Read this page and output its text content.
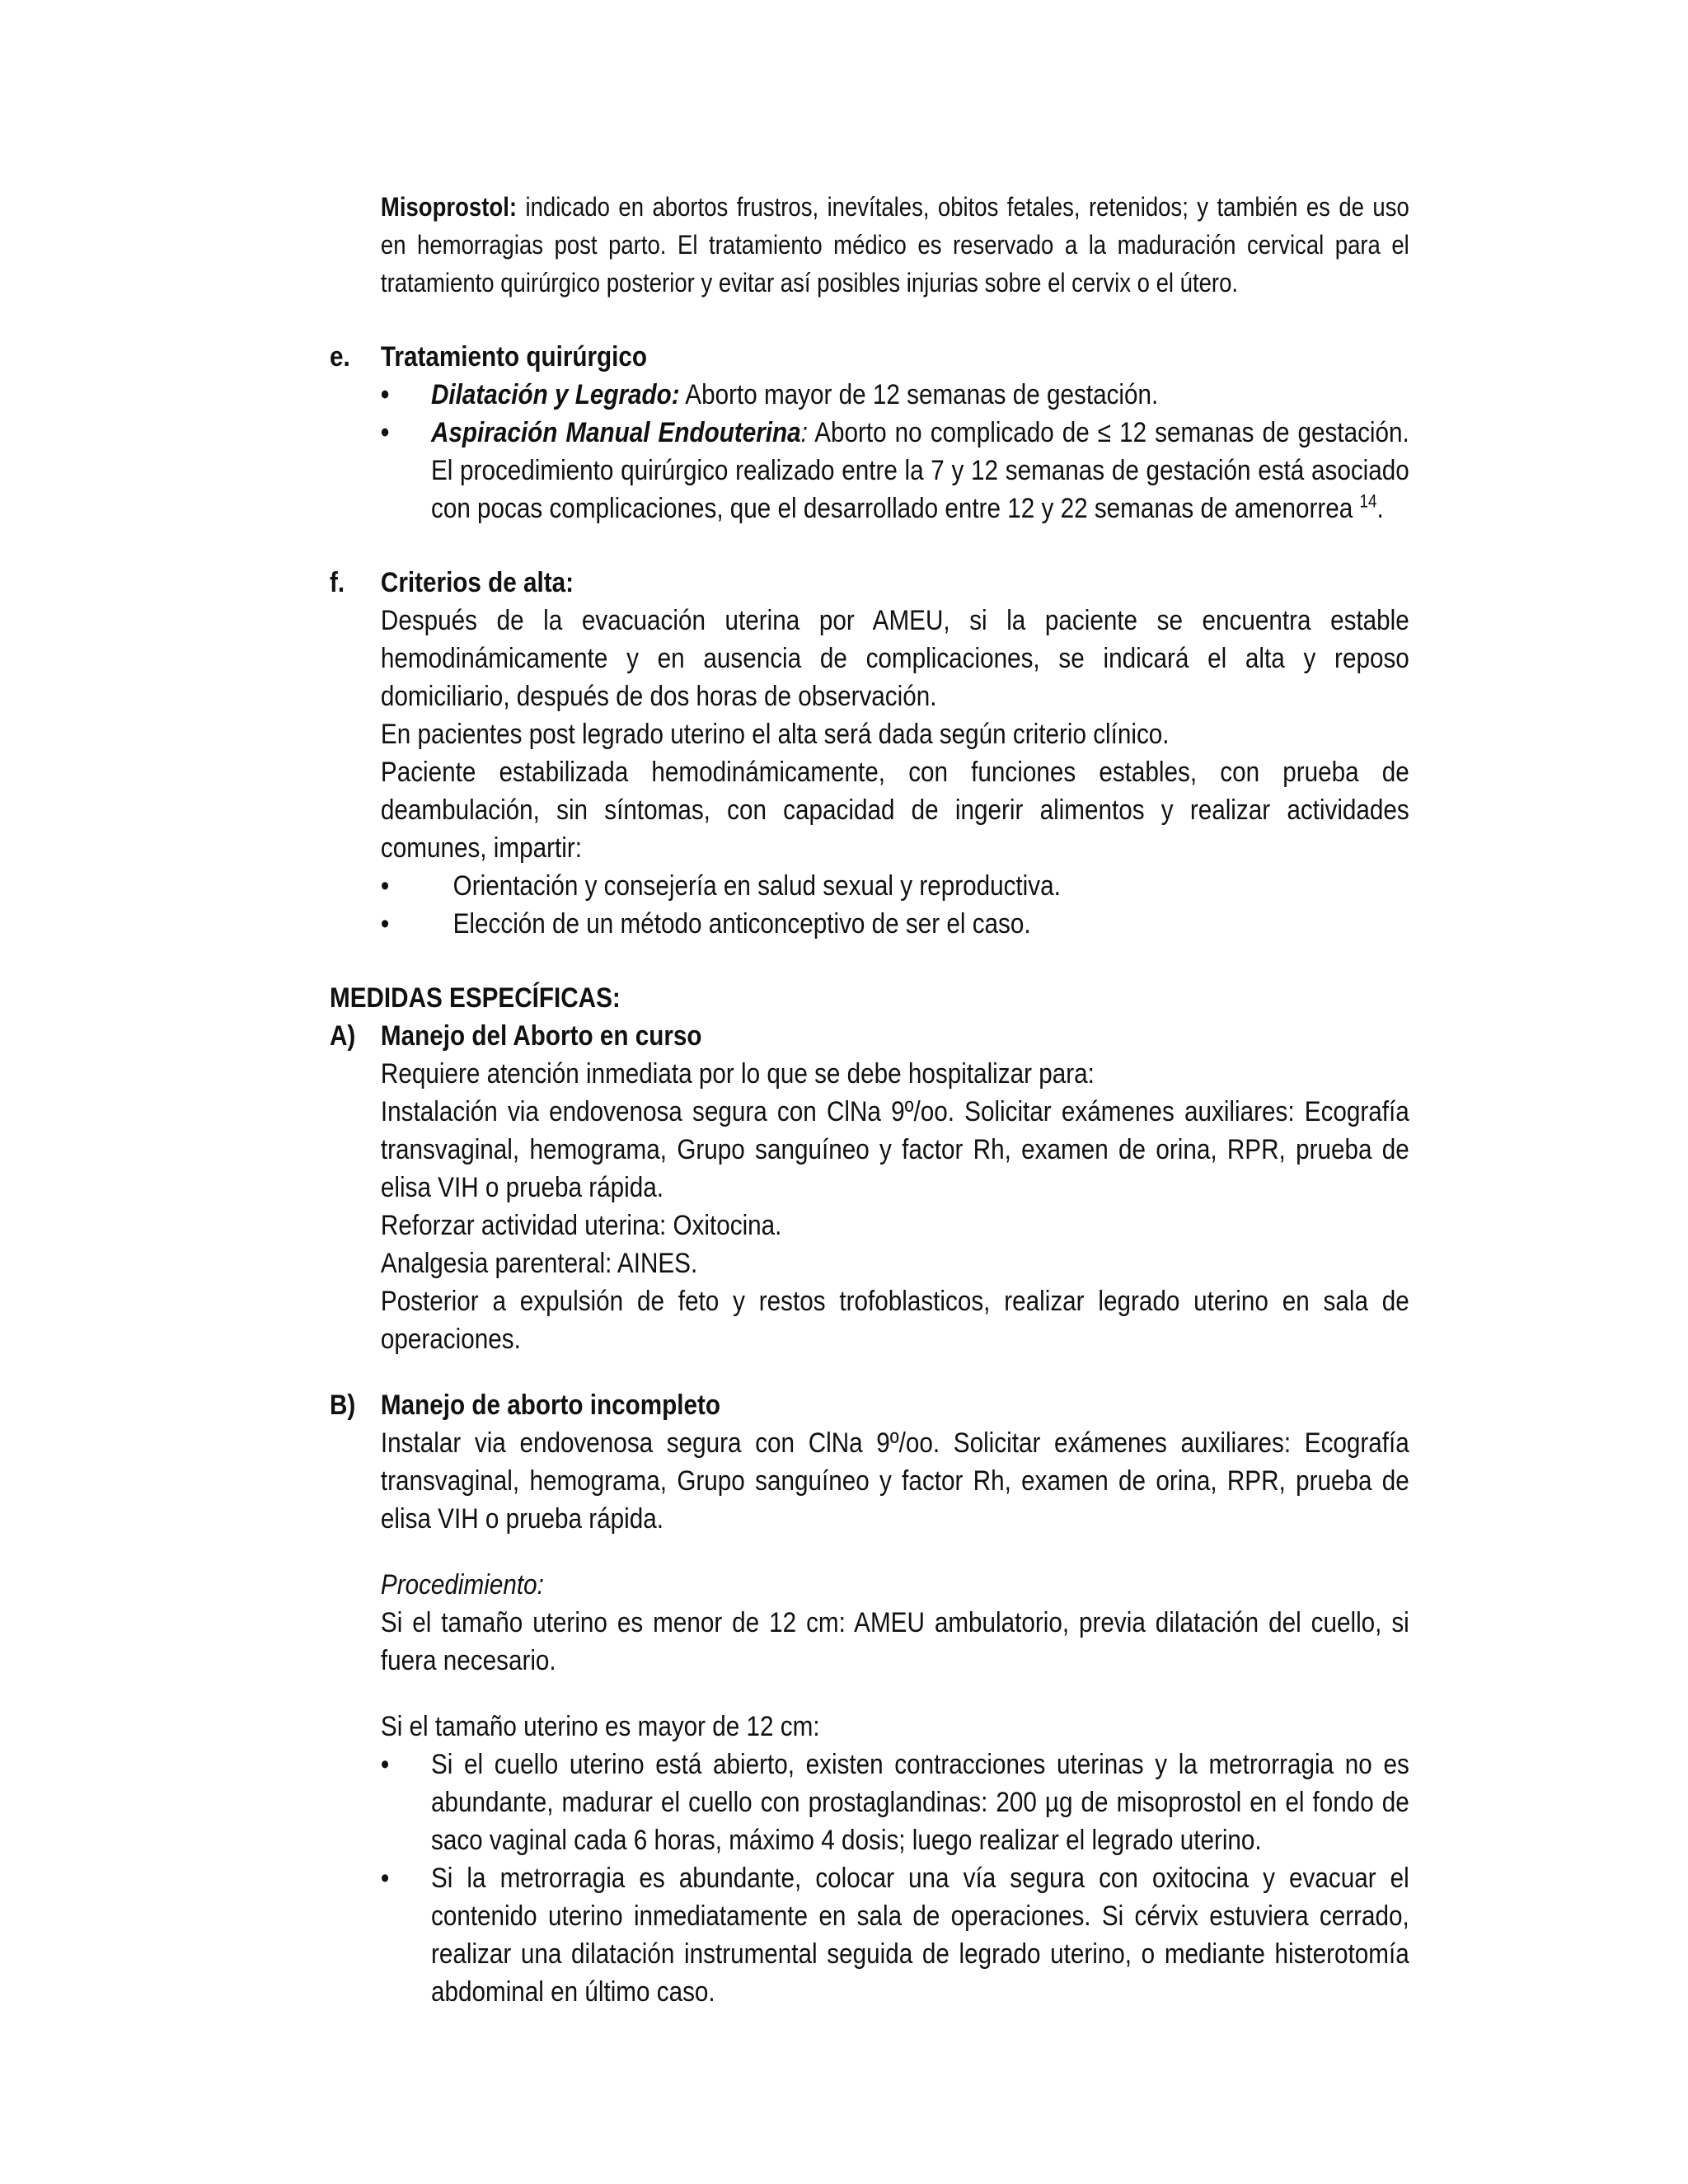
Misoprostol: indicado en abortos frustros, inevítales, obitos fetales, retenidos; y también es de uso en hemorragias post parto. El tratamiento médico es reservado a la maduración cervical para el tratamiento quirúrgico posterior y evitar así posibles injurias sobre el cervix o el útero.

e. Tratamiento quirúrgico
• Dilatación y Legrado: Aborto mayor de 12 semanas de gestación.
• Aspiración Manual Endouterina: Aborto no complicado de ≤ 12 semanas de gestación. El procedimiento quirúrgico realizado entre la 7 y 12 semanas de gestación está asociado con pocas complicaciones, que el desarrollado entre 12 y 22 semanas de amenorrea $^{14}$.
f. Criterios de alta:

Después de la evacuación uterina por AMEU, si la paciente se encuentra estable hemodinámicamente y en ausencia de complicaciones, se indicará el alta y reposo domiciliario, después de dos horas de observación.

En pacientes post legrado uterino el alta será dada según criterio clínico.

Paciente estabilizada hemodinámicamente, con funciones estables, con prueba de deambulación, sin síntomas, con capacidad de ingerir alimentos y realizar actividades comunes, impartir:

• Orientación y consejería en salud sexual y reproductiva.
• Elección de un método anticonceptivo de ser el caso.

MEDIDAS ESPECÍFICAS:

A) Manejo del Aborto en curso

Requiere atención inmediata por lo que se debe hospitalizar para:

Instalación via endovenosa segura con ClNa 9º/oo. Solicitar exámenes auxiliares: Ecografía transvaginal, hemograma, Grupo sanguíneo y factor Rh, examen de orina, RPR, prueba de elisa VIH o prueba rápida.

Reforzar actividad uterina: Oxitocina.

Analgesia parenteral: AINES.

Posterior a expulsión de feto y restos trofoblasticos, realizar legrado uterino en sala de operaciones.

B) Manejo de aborto incompleto

Instalar via endovenosa segura con ClNa 9º/oo. Solicitar exámenes auxiliares: Ecografía transvaginal, hemograma, Grupo sanguíneo y factor Rh, examen de orina, RPR, prueba de elisa VIH o prueba rápida.

Procedimiento:

Si el tamaño uterino es menor de 12 cm: AMEU ambulatorio, previa dilatación del cuello, si fuera necesario.

Si el tamaño uterino es mayor de 12 cm:

• Si el cuello uterino está abierto, existen contracciones uterinas y la metrorragia no es abundante, madurar el cuello con prostaglandinas: 200 µg de misoprostol en el fondo de saco vaginal cada 6 horas, máximo 4 dosis; luego realizar el legrado uterino.
• Si la metrorragia es abundante, colocar una vía segura con oxitocina y evacuar el contenido uterino inmediatamente en sala de operaciones. Si cérvix estuviera cerrado, realizar una dilatación instrumental seguida de legrado uterino, o mediante histerotomía abdominal en último caso.
